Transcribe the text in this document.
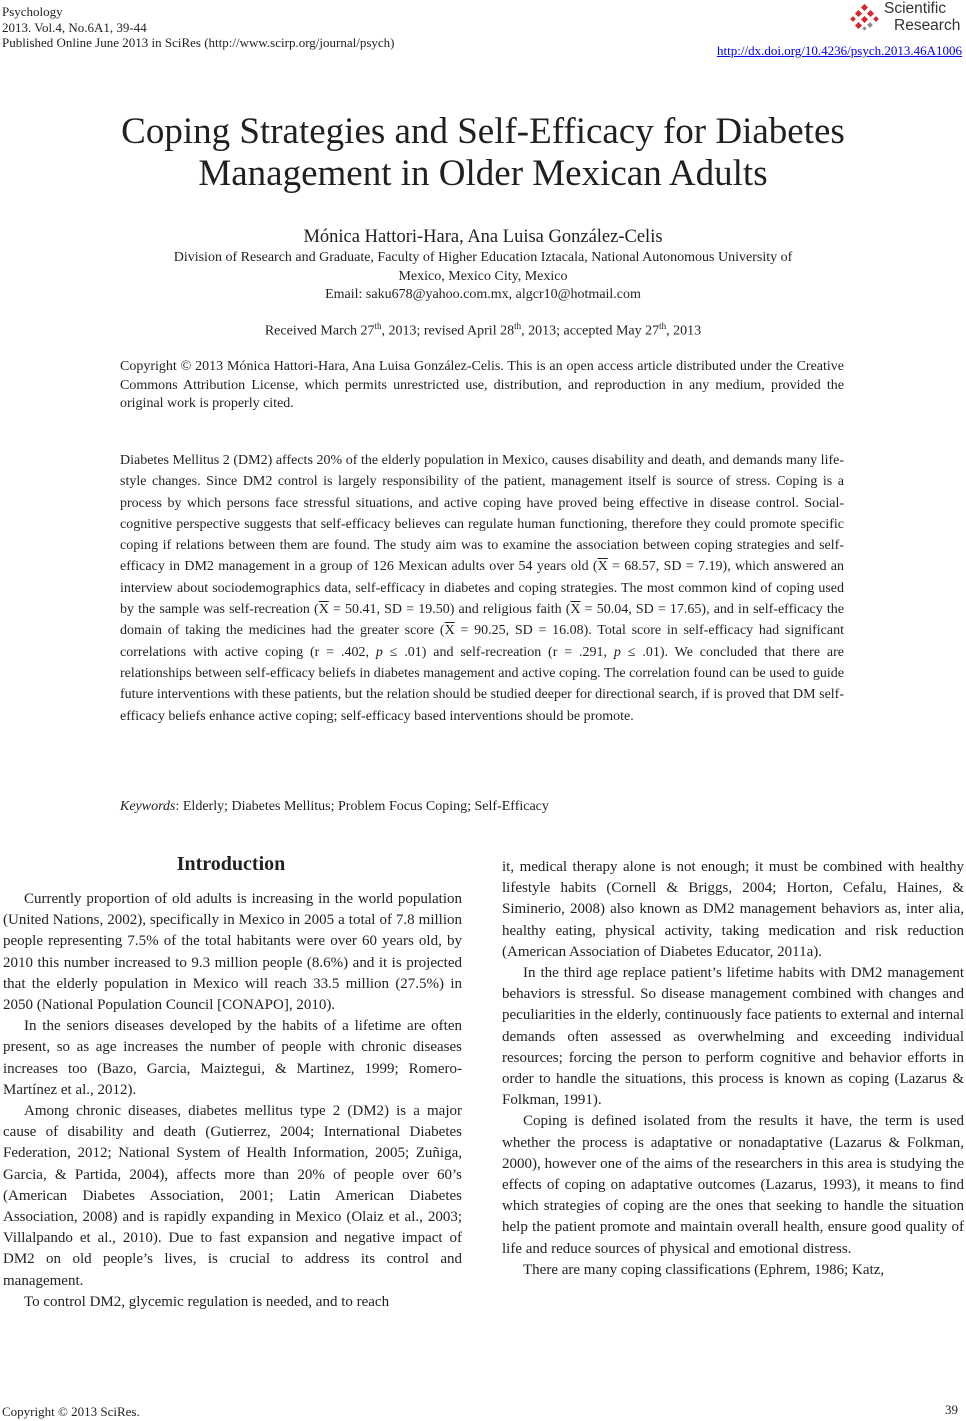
Psychology
2013. Vol.4, No.6A1, 39-44
Published Online June 2013 in SciRes (http://www.scirp.org/journal/psych)
http://dx.doi.org/10.4236/psych.2013.46A1006
Scientific
Research
Coping Strategies and Self-Efficacy for Diabetes
Management in Older Mexican Adults
Mónica Hattori-Hara, Ana Luisa González-Celis
Division of Research and Graduate, Faculty of Higher Education Iztacala, National Autonomous University of
Mexico, Mexico City, Mexico
Email: saku678@yahoo.com.mx, algcr10@hotmail.com
Received March 27th, 2013; revised April 28th, 2013; accepted May 27th, 2013
Copyright © 2013 Mónica Hattori-Hara, Ana Luisa González-Celis. This is an open access article distributed under the Creative Commons Attribution License, which permits unrestricted use, distribution, and reproduction in any medium, provided the original work is properly cited.
Diabetes Mellitus 2 (DM2) affects 20% of the elderly population in Mexico, causes disability and death, and demands many life-style changes. Since DM2 control is largely responsibility of the patient, management itself is source of stress. Coping is a process by which persons face stressful situations, and active coping have proved being effective in disease control. Social-cognitive perspective suggests that self-efficacy believes can regulate human functioning, therefore they could promote specific coping if relations between them are found. The study aim was to examine the association between coping strategies and self-efficacy in DM2 management in a group of 126 Mexican adults over 54 years old ($\overline{X} = 68.57$, SD = 7.19), which answered an interview about sociodemographics data, self-efficacy in diabetes and coping strategies. The most common kind of coping used by the sample was self-recreation ($\overline{X} = 50.41$, SD = 19.50) and religious faith ($\overline{X} = 50.04$, SD = 17.65), and in self-efficacy the domain of taking the medicines had the greater score ($\overline{X} = 90.25$, SD = 16.08). Total score in self-efficacy had significant correlations with active coping (r = .402, p ≤ .01) and self-recreation (r = .291, p ≤ .01). We concluded that there are relationships between self-efficacy beliefs in diabetes management and active coping. The correlation found can be used to guide future interventions with these patients, but the relation should be studied deeper for directional search, if is proved that DM self-efficacy beliefs enhance active coping; self-efficacy based interventions should be promote.
Keywords: Elderly; Diabetes Mellitus; Problem Focus Coping; Self-Efficacy
Introduction

Currently proportion of old adults is increasing in the world population (United Nations, 2002), specifically in Mexico in 2005 a total of 7.8 million people representing 7.5% of the total habitants were over 60 years old, by 2010 this number increased to 9.3 million people (8.6%) and it is projected that the elderly population in Mexico will reach 33.5 million (27.5%) in 2050 (National Population Council [CONAPO], 2010).

In the seniors diseases developed by the habits of a lifetime are often present, so as age increases the number of people with chronic diseases increases too (Bazo, Garcia, Maiztegui, & Martinez, 1999; Romero-Martínez et al., 2012).

Among chronic diseases, diabetes mellitus type 2 (DM2) is a major cause of disability and death (Gutierrez, 2004; International Diabetes Federation, 2012; National System of Health Information, 2005; Zuñiga, Garcia, & Partida, 2004), affects more than 20% of people over 60’s (American Diabetes Association, 2001; Latin American Diabetes Association, 2008) and is rapidly expanding in Mexico (Olaiz et al., 2003; Villalpando et al., 2010). Due to fast expansion and negative impact of DM2 on old people’s lives, is crucial to address its control and management.

To control DM2, glycemic regulation is needed, and to reach

it, medical therapy alone is not enough; it must be combined with healthy lifestyle habits (Cornell & Briggs, 2004; Horton, Cefalu, Haines, & Siminerio, 2008) also known as DM2 management behaviors as, inter alia, healthy eating, physical activity, taking medication and risk reduction (American Association of Diabetes Educator, 2011a).

In the third age replace patient’s lifetime habits with DM2 management behaviors is stressful. So disease management combined with changes and peculiarities in the elderly, continuously face patients to external and internal demands often assessed as overwhelming and exceeding individual resources; forcing the person to perform cognitive and behavior efforts in order to handle the situations, this process is known as coping (Lazarus & Folkman, 1991).

Coping is defined isolated from the results it have, the term is used whether the process is adaptative or nonadaptative (Lazarus & Folkman, 2000), however one of the aims of the researchers in this area is studying the effects of coping on adaptative outcomes (Lazarus, 1993), it means to find which strategies of coping are the ones that seeking to handle the situation help the patient promote and maintain overall health, ensure good quality of life and reduce sources of physical and emotional distress.

There are many coping classifications (Ephrem, 1986; Katz,

Copyright © 2013 SciRes.	39
